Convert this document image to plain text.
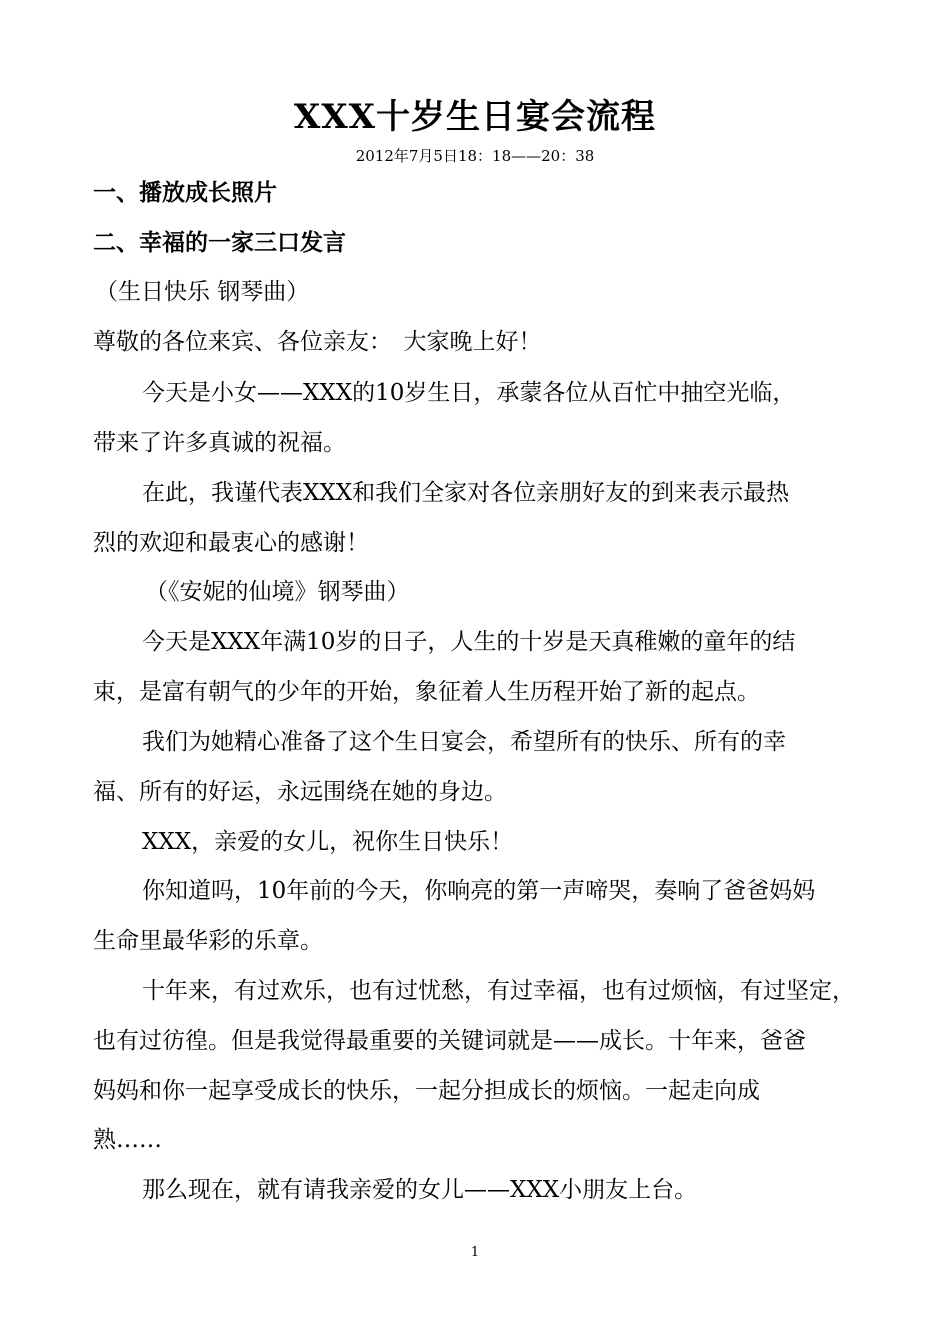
XXX十岁生日宴会流程
2012年7月5日18：18——20：38
一、播放成长照片
二、幸福的一家三口发言
（生日快乐 钢琴曲）
尊敬的各位来宾、各位亲友：　大家晚上好！
今天是小女——XXX的10岁生日，承蒙各位从百忙中抽空光临，
带来了许多真诚的祝福。
在此，我谨代表XXX和我们全家对各位亲朋好友的到来表示最热
烈的欢迎和最衷心的感谢！
（《安妮的仙境》钢琴曲）
今天是XXX年满10岁的日子，人生的十岁是天真稚嫩的童年的结
束，是富有朝气的少年的开始，象征着人生历程开始了新的起点。
我们为她精心准备了这个生日宴会，希望所有的快乐、所有的幸
福、所有的好运，永远围绕在她的身边。
XXX，亲爱的女儿，祝你生日快乐！
你知道吗，10年前的今天，你响亮的第一声啼哭，奏响了爸爸妈妈
生命里最华彩的乐章。
十年来，有过欢乐，也有过忧愁，有过幸福，也有过烦恼，有过坚定，
也有过彷徨。但是我觉得最重要的关键词就是——成长。十年来，爸爸
妈妈和你一起享受成长的快乐，一起分担成长的烦恼。一起走向成
熟……
那么现在，就有请我亲爱的女儿——XXX小朋友上台。
1
